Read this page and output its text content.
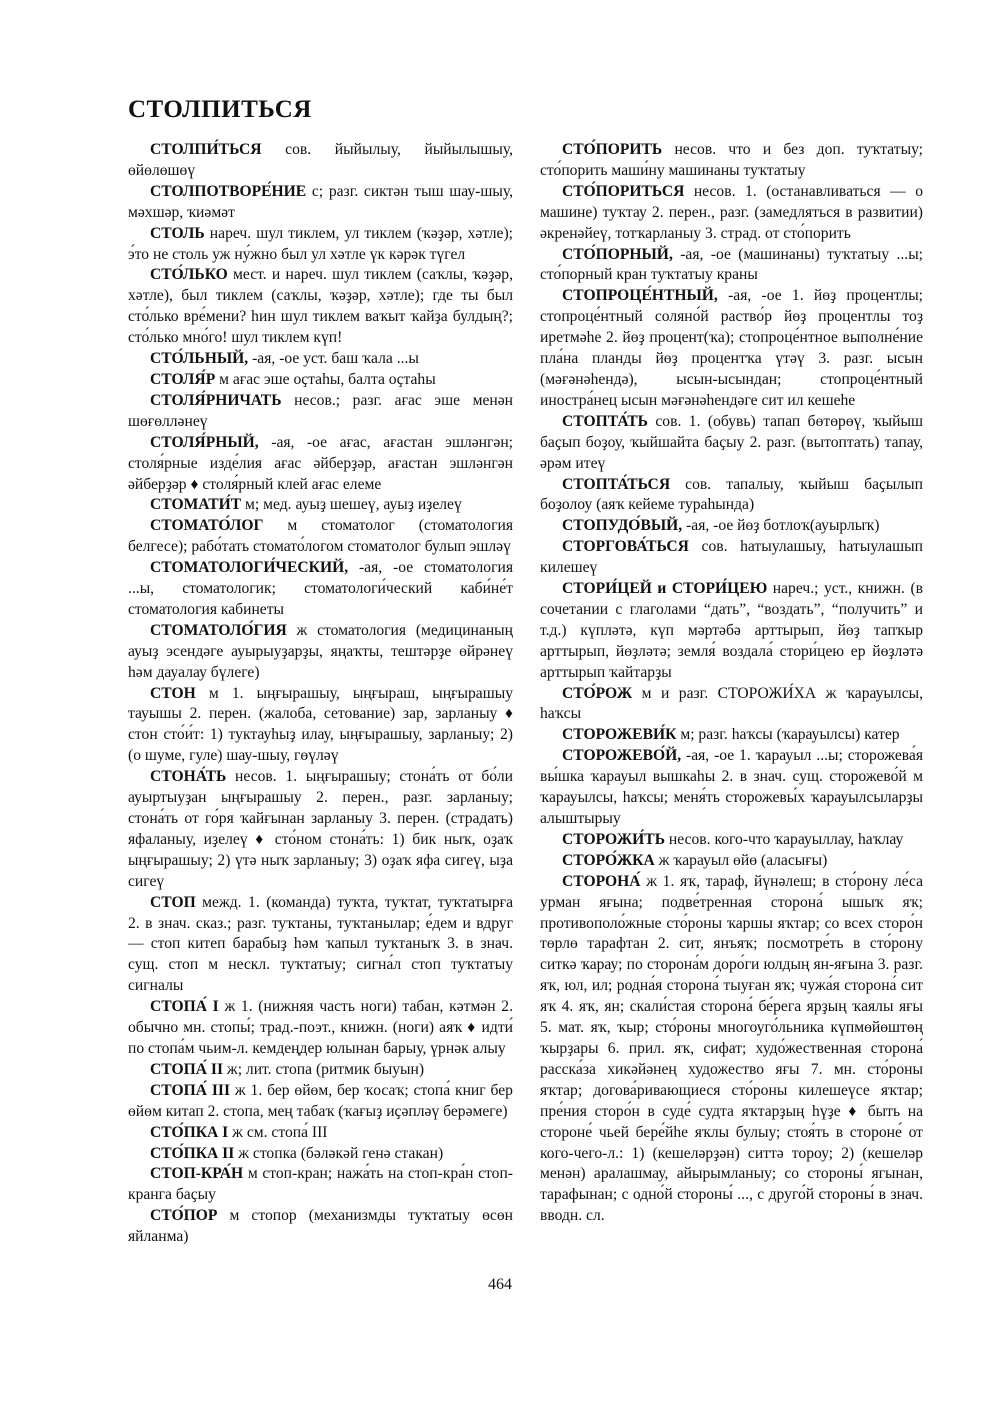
СТОЛПИТЬСЯ

СТОЛПИ́ТЬСЯ сов. йыйылыу, йыйылышыу, өйөлөшөү

СТОЛПОТВОРЕ́НИЕ с; разг. сиктән тыш шау-шыу, мәхшәр, ҡиәмәт

СТОЛЬ нареч. шул тиклем, ул тиклем (ҡәҙәр, хәтле); э́то не столь уж ну́жно был ул хәтле үк кәрәк түгел

СТО́ЛЬКО мест. и нареч. шул тиклем (саҡлы, ҡәҙәр, хәтле), был тиклем (саҡлы, ҡәҙәр, хәтле); где ты был сто́лько вре́мени? һин шул тиклем ваҡыт ҡайҙа булдың?; сто́лько мно́го! шул тиклем күп!

СТО́ЛЬНЫЙ, -ая, -ое уст. баш ҡала ...ы

СТОЛЯ́Р м ағас эше оҫтаһы, балта оҫтаһы

СТОЛЯ́РНИЧАТЬ несов.; разг. ағас эше менән шөғөлләнеү

СТОЛЯ́РНЫЙ, -ая, -ое ағас, ағастан эшләнгән; столя́рные изде́лия ағас әйберҙәр, ағастан эшләнгән әйберҙәр ♦ столя́рный клей ағас елеме

СТОМАТИ́Т м; мед. ауыҙ шешеү, ауыҙ иҙелеү

СТОМАТО́ЛОГ м стоматолог (стоматология белгесе); рабо́тать стомато́логом стоматолог булып эшләү

СТОМАТОЛОГИ́ЧЕСКИЙ, -ая, -ое стоматология ...ы, стоматологик; стоматологи́ческий каби́не́т стоматология кабинеты

СТОМАТОЛО́ГИЯ ж стоматология (медицинаның ауыҙ эсендәге ауырыуҙарҙы, яңаҡты, тештәрҙе өйрәнеү һәм дауалау бүлеге)

СТОН м 1. ыңғырашыу, ыңғыраш, ыңғырашыу тауышы 2. перен. (жалоба, сетование) зар, зарланыу ♦ стон сто́и́т: 1) туктауһыҙ илау, ыңғырашыу, зарланыу; 2) (о шуме, гуле) шау-шыу, гөүләү

СТОНА́ТЬ несов. 1. ыңғырашыу; стона́ть от бо́ли ауыртыуҙан ыңғырашыу 2. перен., разг. зарланыу; стона́ть от го́ря ҡайғынан зарланыу 3. перен. (страдать) яфаланыу, иҙелеү ♦ сто́ном стона́ть: 1) бик ныҡ, оҙаҡ ыңғырашыу; 2) үтә ныҡ зарланыу; 3) оҙаҡ яфа сигеү, ыҙа сигеү

СТОП межд. 1. (команда) туҡта, туҡтат, туҡтатырға 2. в знач. сказ.; разг. туҡтаны, туҡтанылар; е́дем и вдруг — стоп китеп барабыҙ һәм ҡапыл туҡтаныҡ 3. в знач. сущ. стоп м нескл. туҡтатыу; сигна́л стоп туҡтатыу сигналы

СТОПА́ I ж 1. (нижняя часть ноги) табан, кәтмән 2. обычно мн. стопы́; трад.-поэт., книжн. (ноги) аяҡ ♦ идти́ по стопа́м чьим-л. кемдеңдер юлынан барыу, үрнәк алыу

СТОПА́ II ж; лит. стопа (ритмик быуын)

СТОПА́ III ж 1. бер өйөм, бер ҡосаҡ; стопа́ книг бер өйөм китап 2. стопа, мең табаҡ (ҡағыҙ иҫәпләү берәмеге)

СТО́ПКА I ж см. стопа́ III

СТО́ПКА II ж стопка (бәләкәй генә стакан)

СТОП-КРА́Н м стоп-кран; нажа́ть на стоп-кра́н стоп-кранга баҫыу

СТО́ПОР м стопор (механизмды туҡтатыу өсөн яйланма)

СТО́ПОРИТЬ несов. что и без доп. туҡтатыу; сто́порить маши́ну машинаны туҡтатыу

СТО́ПОРИТЬСЯ несов. 1. (останавливаться — о машине) туҡтау 2. перен., разг. (замедляться в развитии) әкренәйеү, тотҡарланыу 3. страд. от сто́порить

СТО́ПОРНЫЙ, -ая, -ое (машинаны) туҡтатыу ...ы; сто́порный кран туҡтатыу краны

СТОПРОЦЕ́НТНЫЙ, -ая, -ое 1. йөҙ процентлы; стопроце́нтный соляно́й раство́р йөҙ процентлы тоҙ иретмәһе 2. йөҙ процент(ҡа); стопроце́нтное выполне́ние пла́на планды йөҙ процентҡа үтәү 3. разг. ысын (мәғәнәһендә), ысын-ысындан; стопроце́нтный иностра́нец ысын мәғәнәһендәге сит ил кешеһе

СТОПТА́ТЬ сов. 1. (обувь) тапап бөтөрөү, ҡыйыш баҫып боҙоу, ҡыйшайта баҫыу 2. разг. (вытоптать) тапау, әрәм итеү

СТОПТА́ТЬСЯ сов. тапалыу, ҡыйыш баҫылып боҙолоу (аяҡ кейеме тураһында)

СТОПУДО́ВЫЙ, -ая, -ое йөҙ ботлоҡ(ауырлыҡ)

СТОРГОВА́ТЬСЯ сов. һатыулашыу, һатыулашып килешеү

СТОРИ́ЦЕЙ и СТОРИ́ЦЕЮ нареч.; уст., книжн. (в сочетании с глаголами “дать”, “воздать”, “получить” и т.д.) күпләтә, күп мәртәбә арттырып, йөҙ тапҡыр арттырып, йөҙләтә; земля́ воздала́ стори́цею ер йөҙләтә арттырып ҡайтарҙы

СТО́РОЖ м и разг. СТОРОЖИ́ХА ж ҡарауылсы, һаҡсы

СТОРОЖЕВИ́К м; разг. һаҡсы (ҡарауылсы) катер

СТОРОЖЕВО́Й, -ая, -ое 1. ҡарауыл ...ы; сторожева́я вы́шка ҡарауыл вышкаһы 2. в знач. сущ. сторожево́й м ҡарауылсы, һаҡсы; меня́ть сторожевы́х ҡарауылсыларҙы алыштырыу

СТОРОЖИ́ТЬ несов. кого-что ҡарауыллау, һаҡлау

СТОРО́ЖКА ж ҡарауыл өйө (аласығы)

СТОРОНА́ ж 1. яҡ, тараф, йүнәлеш; в сто́рону ле́са урман яғына; подве́тренная сторона́ ышыҡ яҡ; противополо́жные сто́роны ҡаршы яҡтар; со всех сторо́н төрлө тарафтан 2. сит, янъяҡ; посмотре́ть в сто́рону ситкә ҡарау; по сторона́м доро́ги юлдың ян-яғына 3. разг. яҡ, юл, ил; родна́я сторона́ тыуған яҡ; чужа́я сторона́ сит яҡ 4. яҡ, ян; скали́стая сторона́ бе́рега ярҙың ҡаялы яғы 5. мат. яҡ, ҡыр; сто́роны многоуго́льника күпмөйөштөң ҡырҙары 6. прил. яҡ, сифат; худо́жественная сторона́ расска́за хикәйәнең художество яғы 7. мн. сто́роны яҡтар; догова́ривающиеся сто́роны килешеүсе яҡтар; пре́ния сторо́н в суде́ судта яҡтарҙың һүҙе ♦ быть на стороне́ чьей бере́йһе яҡлы булыу; стоя́ть в стороне́ от кого-чего-л.: 1) (кешеләрҙән) ситтә тороу; 2) (кешеләр менән) аралашмау, айырымланыу; со стороны́ ягынан, тарафынан; с одно́й стороны́ ..., с друго́й стороны́ в знач. вводн. сл.

464
